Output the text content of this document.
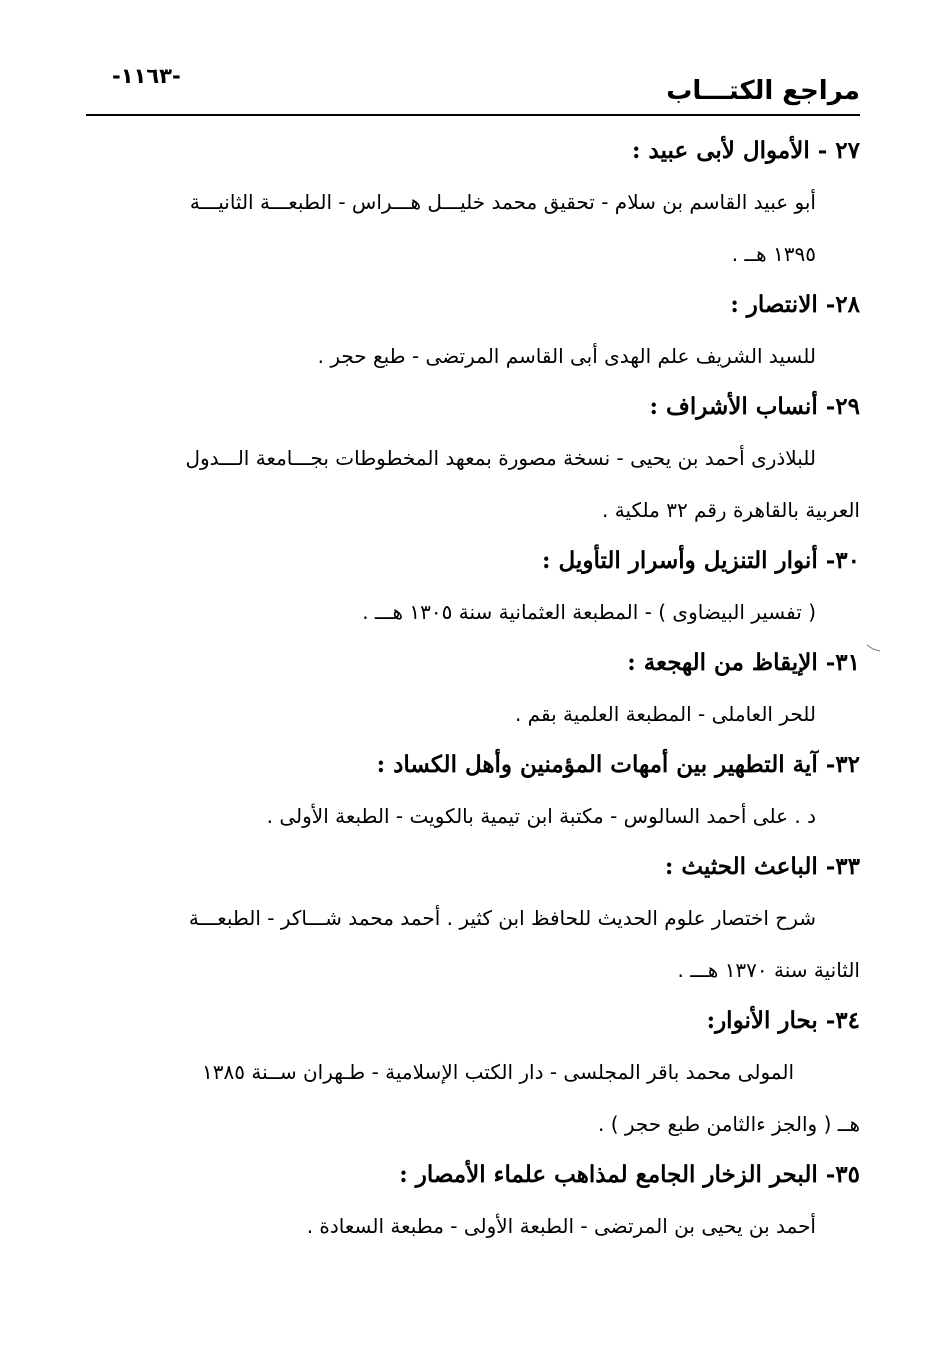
-١١٦٣-	مراجع الكتـــاب
٢٧ - الأموال لأبى عبيد :
أبو عبيد القاسم بن سلام - تحقيق محمد خليـــل هـــراس - الطبعـــة الثانيـــة
١٣٩٥ هــ .
٢٨- الانتصار :
للسيد الشريف علم الهدى أبى القاسم المرتضى - طبع حجر .
٢٩- أنساب الأشراف :
للبلاذرى أحمد بن يحيى - نسخة مصورة بمعهد المخطوطات بجـــامعة الـــدول
العربية بالقاهرة رقم ٣٢ ملكية .
٣٠- أنوار التنزيل وأسرار التأويل :
( تفسير البيضاوى ) - المطبعة العثمانية سنة ١٣٠٥ هـــ .
٣١- الإيقاظ من الهجعة :
للحر العاملى - المطبعة العلمية بقم .
٣٢- آية التطهير بين أمهات المؤمنين وأهل الكساد :
د . على أحمد السالوس - مكتبة ابن تيمية بالكويت - الطبعة الأولى .
٣٣- الباعث الحثيث :
شرح اختصار علوم الحديث للحافظ ابن كثير . أحمد محمد شـــاكر - الطبعـــة
الثانية سنة ١٣٧٠ هـــ .
٣٤- بحار الأنوار:
المولى محمد باقر المجلسى - دار الكتب الإسلامية - طـهران ســنة ١٣٨٥
هــ ( والجز ءالثامن طبع حجر ) .
٣٥- البحر الزخار الجامع لمذاهب علماء الأمصار :
أحمد بن يحيى بن المرتضى - الطبعة الأولى - مطبعة السعادة .
